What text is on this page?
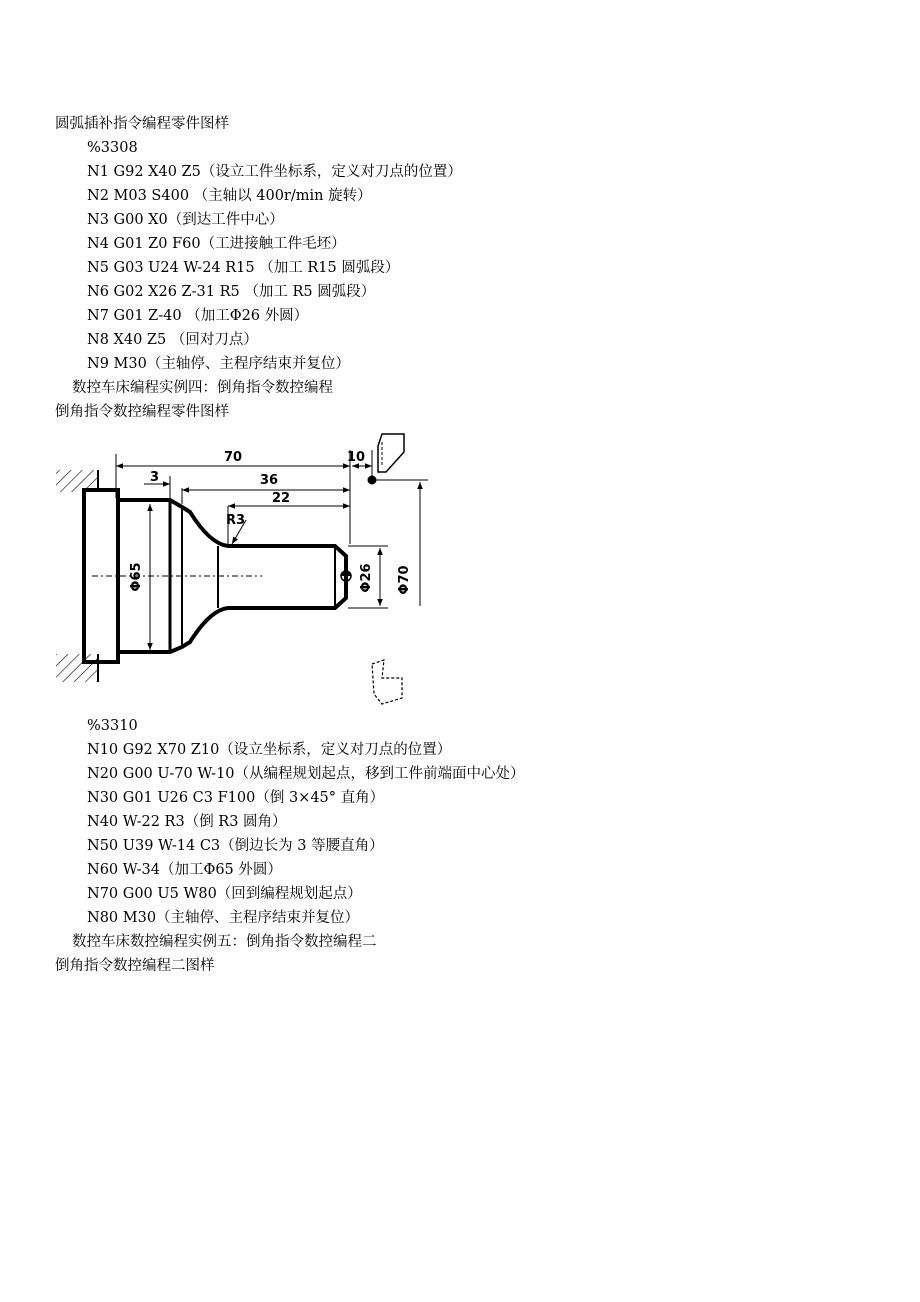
圆弧插补指令编程零件图样
%3308
N1 G92 X40 Z5（设立工件坐标系，定义对刀点的位置）
N2 M03 S400 （主轴以 400r/min 旋转）
N3 G00 X0（到达工件中心）
N4 G01 Z0 F60（工进接触工件毛坯）
N5 G03 U24 W-24 R15 （加工 R15 圆弧段）
N6 G02 X26 Z-31 R5 （加工 R5 圆弧段）
N7 G01 Z-40 （加工Φ26 外圆）
N8 X40 Z5 （回对刀点）
N9 M30（主轴停、主程序结束并复位）
数控车床编程实例四：倒角指令数控编程
倒角指令数控编程零件图样
70	10
3	36
22
R3
Φ65	Φ26 Φ70
%3310
N10 G92 X70 Z10（设立坐标系，定义对刀点的位置）
N20 G00 U-70 W-10（从编程规划起点，移到工件前端面中心处）
N30 G01 U26 C3 F100（倒 3×45° 直角）
N40 W-22 R3（倒 R3 圆角）
N50 U39 W-14 C3（倒边长为 3 等腰直角）
N60 W-34（加工Φ65 外圆）
N70 G00 U5 W80（回到编程规划起点）
N80 M30（主轴停、主程序结束并复位）
数控车床数控编程实例五：倒角指令数控编程二
倒角指令数控编程二图样
